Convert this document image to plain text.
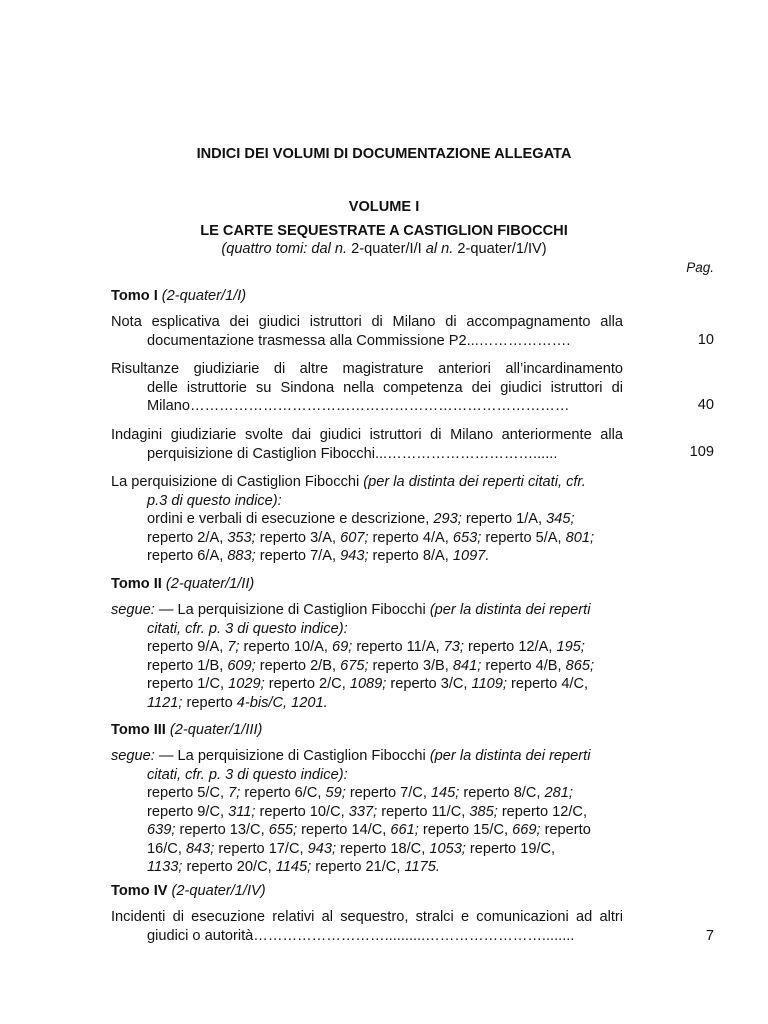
INDICI DEI VOLUMI DI DOCUMENTAZIONE ALLEGATA
VOLUME I
LE CARTE SEQUESTRATE A CASTIGLION FIBOCCHI
(quattro tomi: dal n. 2-quater/I/I al n. 2-quater/1/IV)
Pag.
Tomo I (2-quater/1/I)
Nota esplicativa dei giudici istruttori di Milano di accompagnamento alla
documentazione trasmessa alla Commissione P2...……………….	10
Risultanze giudiziarie di altre magistrature anteriori all’incardinamento
delle istruttorie su Sindona nella competenza dei giudici istruttori di
Milano……………………………………………………………………	40
Indagini giudiziarie svolte dai giudici istruttori di Milano anteriormente alla
perquisizione di Castiglion Fibocchi...…………………………......	109
La perquisizione di Castiglion Fibocchi (per la distinta dei reperti citati, cfr.
p.3 di questo indice):
ordini e verbali di esecuzione e descrizione, 293; reperto 1/A, 345;
reperto 2/A, 353; reperto 3/A, 607; reperto 4/A, 653; reperto 5/A, 801;
reperto 6/A, 883; reperto 7/A, 943; reperto 8/A, 1097.
Tomo II (2-quater/1/II)
segue: — La perquisizione di Castiglion Fibocchi (per la distinta dei reperti
citati, cfr. p. 3 di questo indice):
reperto 9/A, 7; reperto 10/A, 69; reperto 11/A, 73; reperto 12/A, 195;
reperto 1/B, 609; reperto 2/B, 675; reperto 3/B, 841; reperto 4/B, 865;
reperto 1/C, 1029; reperto 2/C, 1089; reperto 3/C, 1109; reperto 4/C,
1121; reperto 4-bis/C, 1201.
Tomo III (2-quater/1/III)
segue: — La perquisizione di Castiglion Fibocchi (per la distinta dei reperti
citati, cfr. p. 3 di questo indice):
reperto 5/C, 7; reperto 6/C, 59; reperto 7/C, 145; reperto 8/C, 281;
reperto 9/C, 311; reperto 10/C, 337; reperto 11/C, 385; reperto 12/C,
639; reperto 13/C, 655; reperto 14/C, 661; reperto 15/C, 669; reperto
16/C, 843; reperto 17/C, 943; reperto 18/C, 1053; reperto 19/C,
1133; reperto 20/C, 1145; reperto 21/C, 1175.
Tomo IV (2-quater/1/IV)
Incidenti di esecuzione relativi al sequestro, stralci e comunicazioni ad altri
giudici o autorità………………………..........……………………........	7
